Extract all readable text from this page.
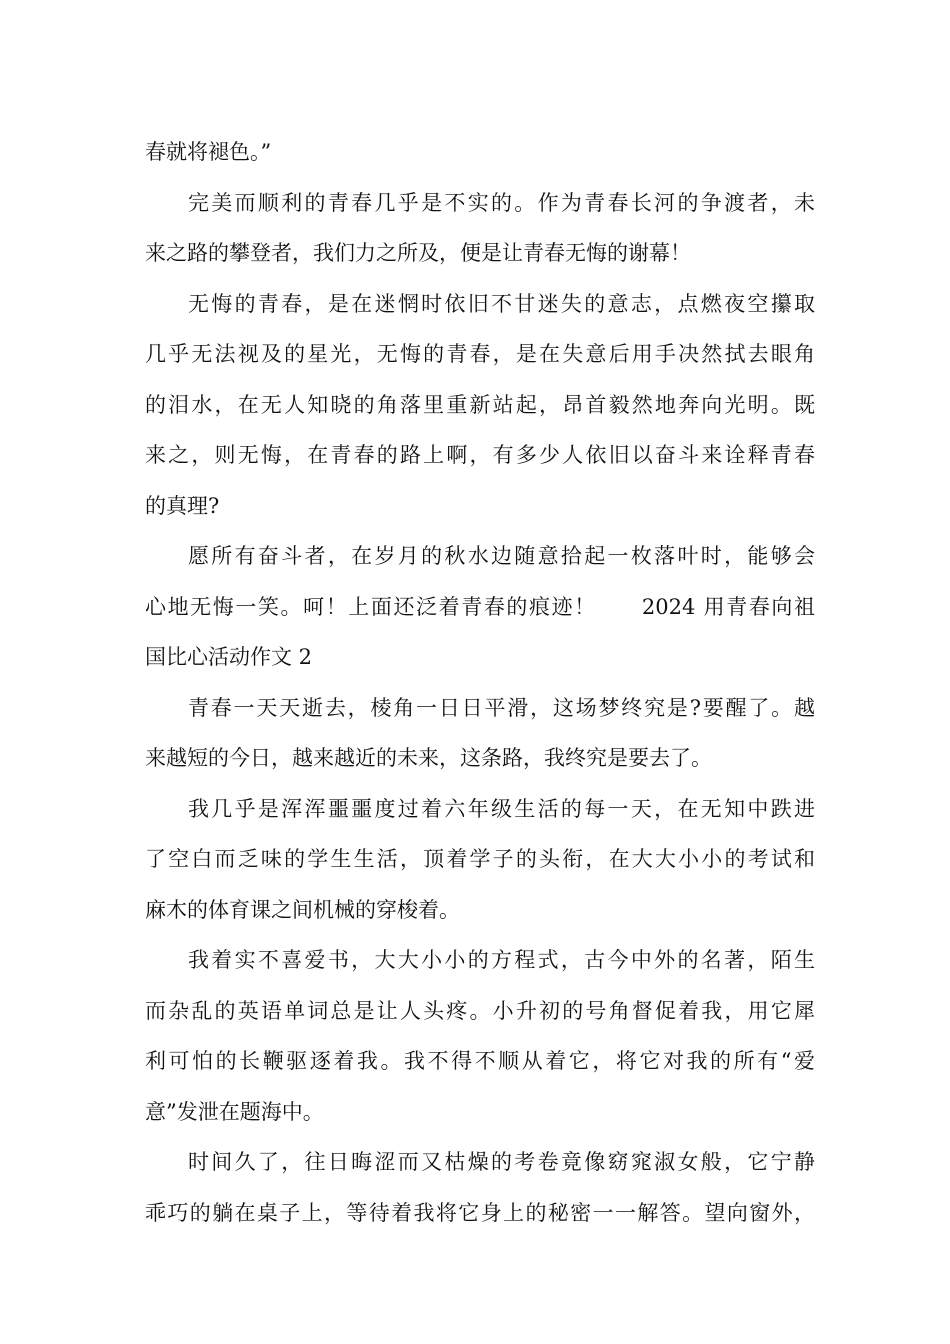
春就将褪色。”
完美而顺利的青春几乎是不实的。作为青春长河的争渡者，未
来之路的攀登者，我们力之所及，便是让青春无悔的谢幕！
无悔的青春，是在迷惘时依旧不甘迷失的意志，点燃夜空攥取
几乎无法视及的星光，无悔的青春，是在失意后用手决然拭去眼角
的泪水，在无人知晓的角落里重新站起，昂首毅然地奔向光明。既
来之，则无悔，在青春的路上啊，有多少人依旧以奋斗来诠释青春
的真理?
愿所有奋斗者，在岁月的秋水边随意拾起一枚落叶时，能够会
心地无悔一笑。呵！上面还泛着青春的痕迹！　　2024 用青春向祖
国比心活动作文 2
青春一天天逝去，棱角一日日平滑，这场梦终究是?要醒了。越
来越短的今日，越来越近的未来，这条路，我终究是要去了。
我几乎是浑浑噩噩度过着六年级生活的每一天，在无知中跌进
了空白而乏味的学生生活，顶着学子的头衔，在大大小小的考试和
麻木的体育课之间机械的穿梭着。
我着实不喜爱书，大大小小的方程式，古今中外的名著，陌生
而杂乱的英语单词总是让人头疼。小升初的号角督促着我，用它犀
利可怕的长鞭驱逐着我。我不得不顺从着它，将它对我的所有“爱
意”发泄在题海中。
时间久了，往日晦涩而又枯燥的考卷竟像窈窕淑女般，它宁静
乖巧的躺在桌子上，等待着我将它身上的秘密一一解答。望向窗外，
